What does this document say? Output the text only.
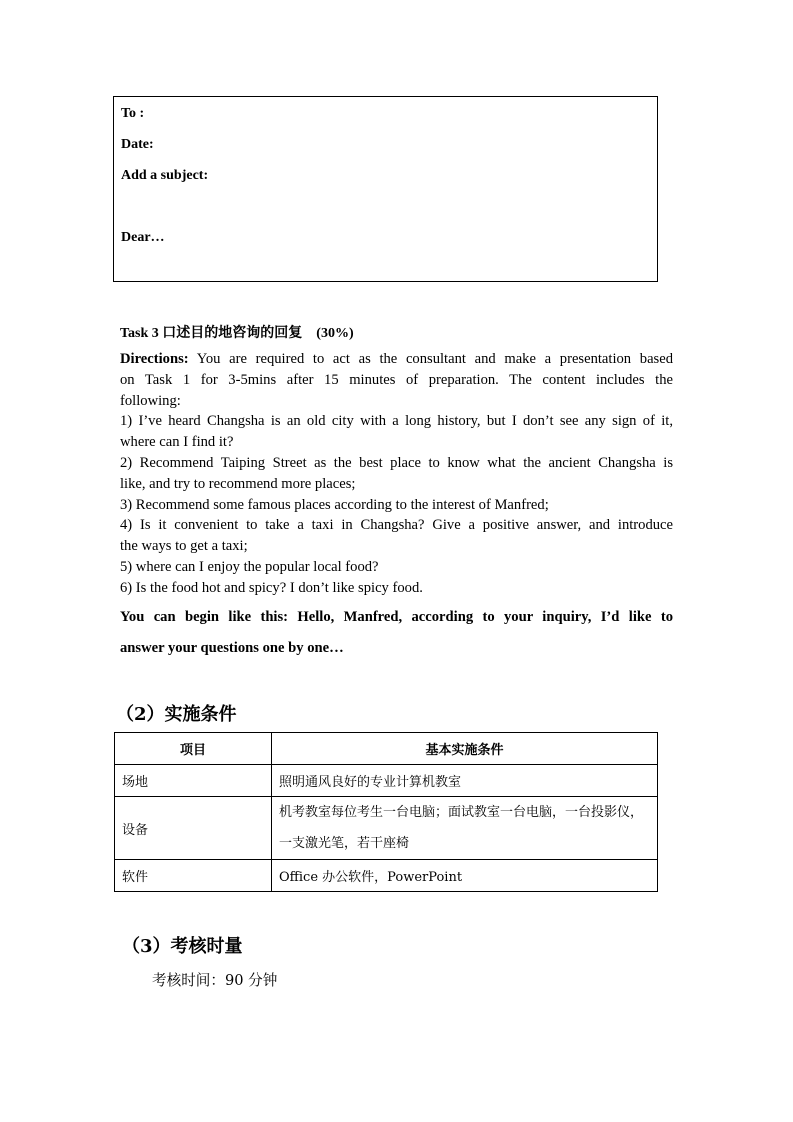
To :
Date:
Add a subject:
Dear…
Task 3 口述目的地咨询的回复 (30%)

Directions: You are required to act as the consultant and make a presentation based

on Task 1 for 3-5mins after 15 minutes of preparation. The content includes the

following:

1) I’ve heard Changsha is an old city with a long history, but I don’t see any sign of it,

where can I find it?

2) Recommend Taiping Street as the best place to know what the ancient Changsha is

like, and try to recommend more places;

3) Recommend some famous places according to the interest of Manfred;

4) Is it convenient to take a taxi in Changsha? Give a positive answer, and introduce

the ways to get a taxi;

5) where can I enjoy the popular local food?

6) Is the food hot and spicy? I don’t like spicy food.

You can begin like this: Hello, Manfred, according to your inquiry, I’d like to
answer your questions one by one…
（2）实施条件
项目	基本实施条件
场地	照明通风良好的专业计算机教室
设备	机考教室每位考生一台电脑；面试教室一台电脑，一台投影仪，
一支激光笔，若干座椅

软件	Office 办公软件，PowerPoint
（3）考核时量
考核时间：90 分钟
